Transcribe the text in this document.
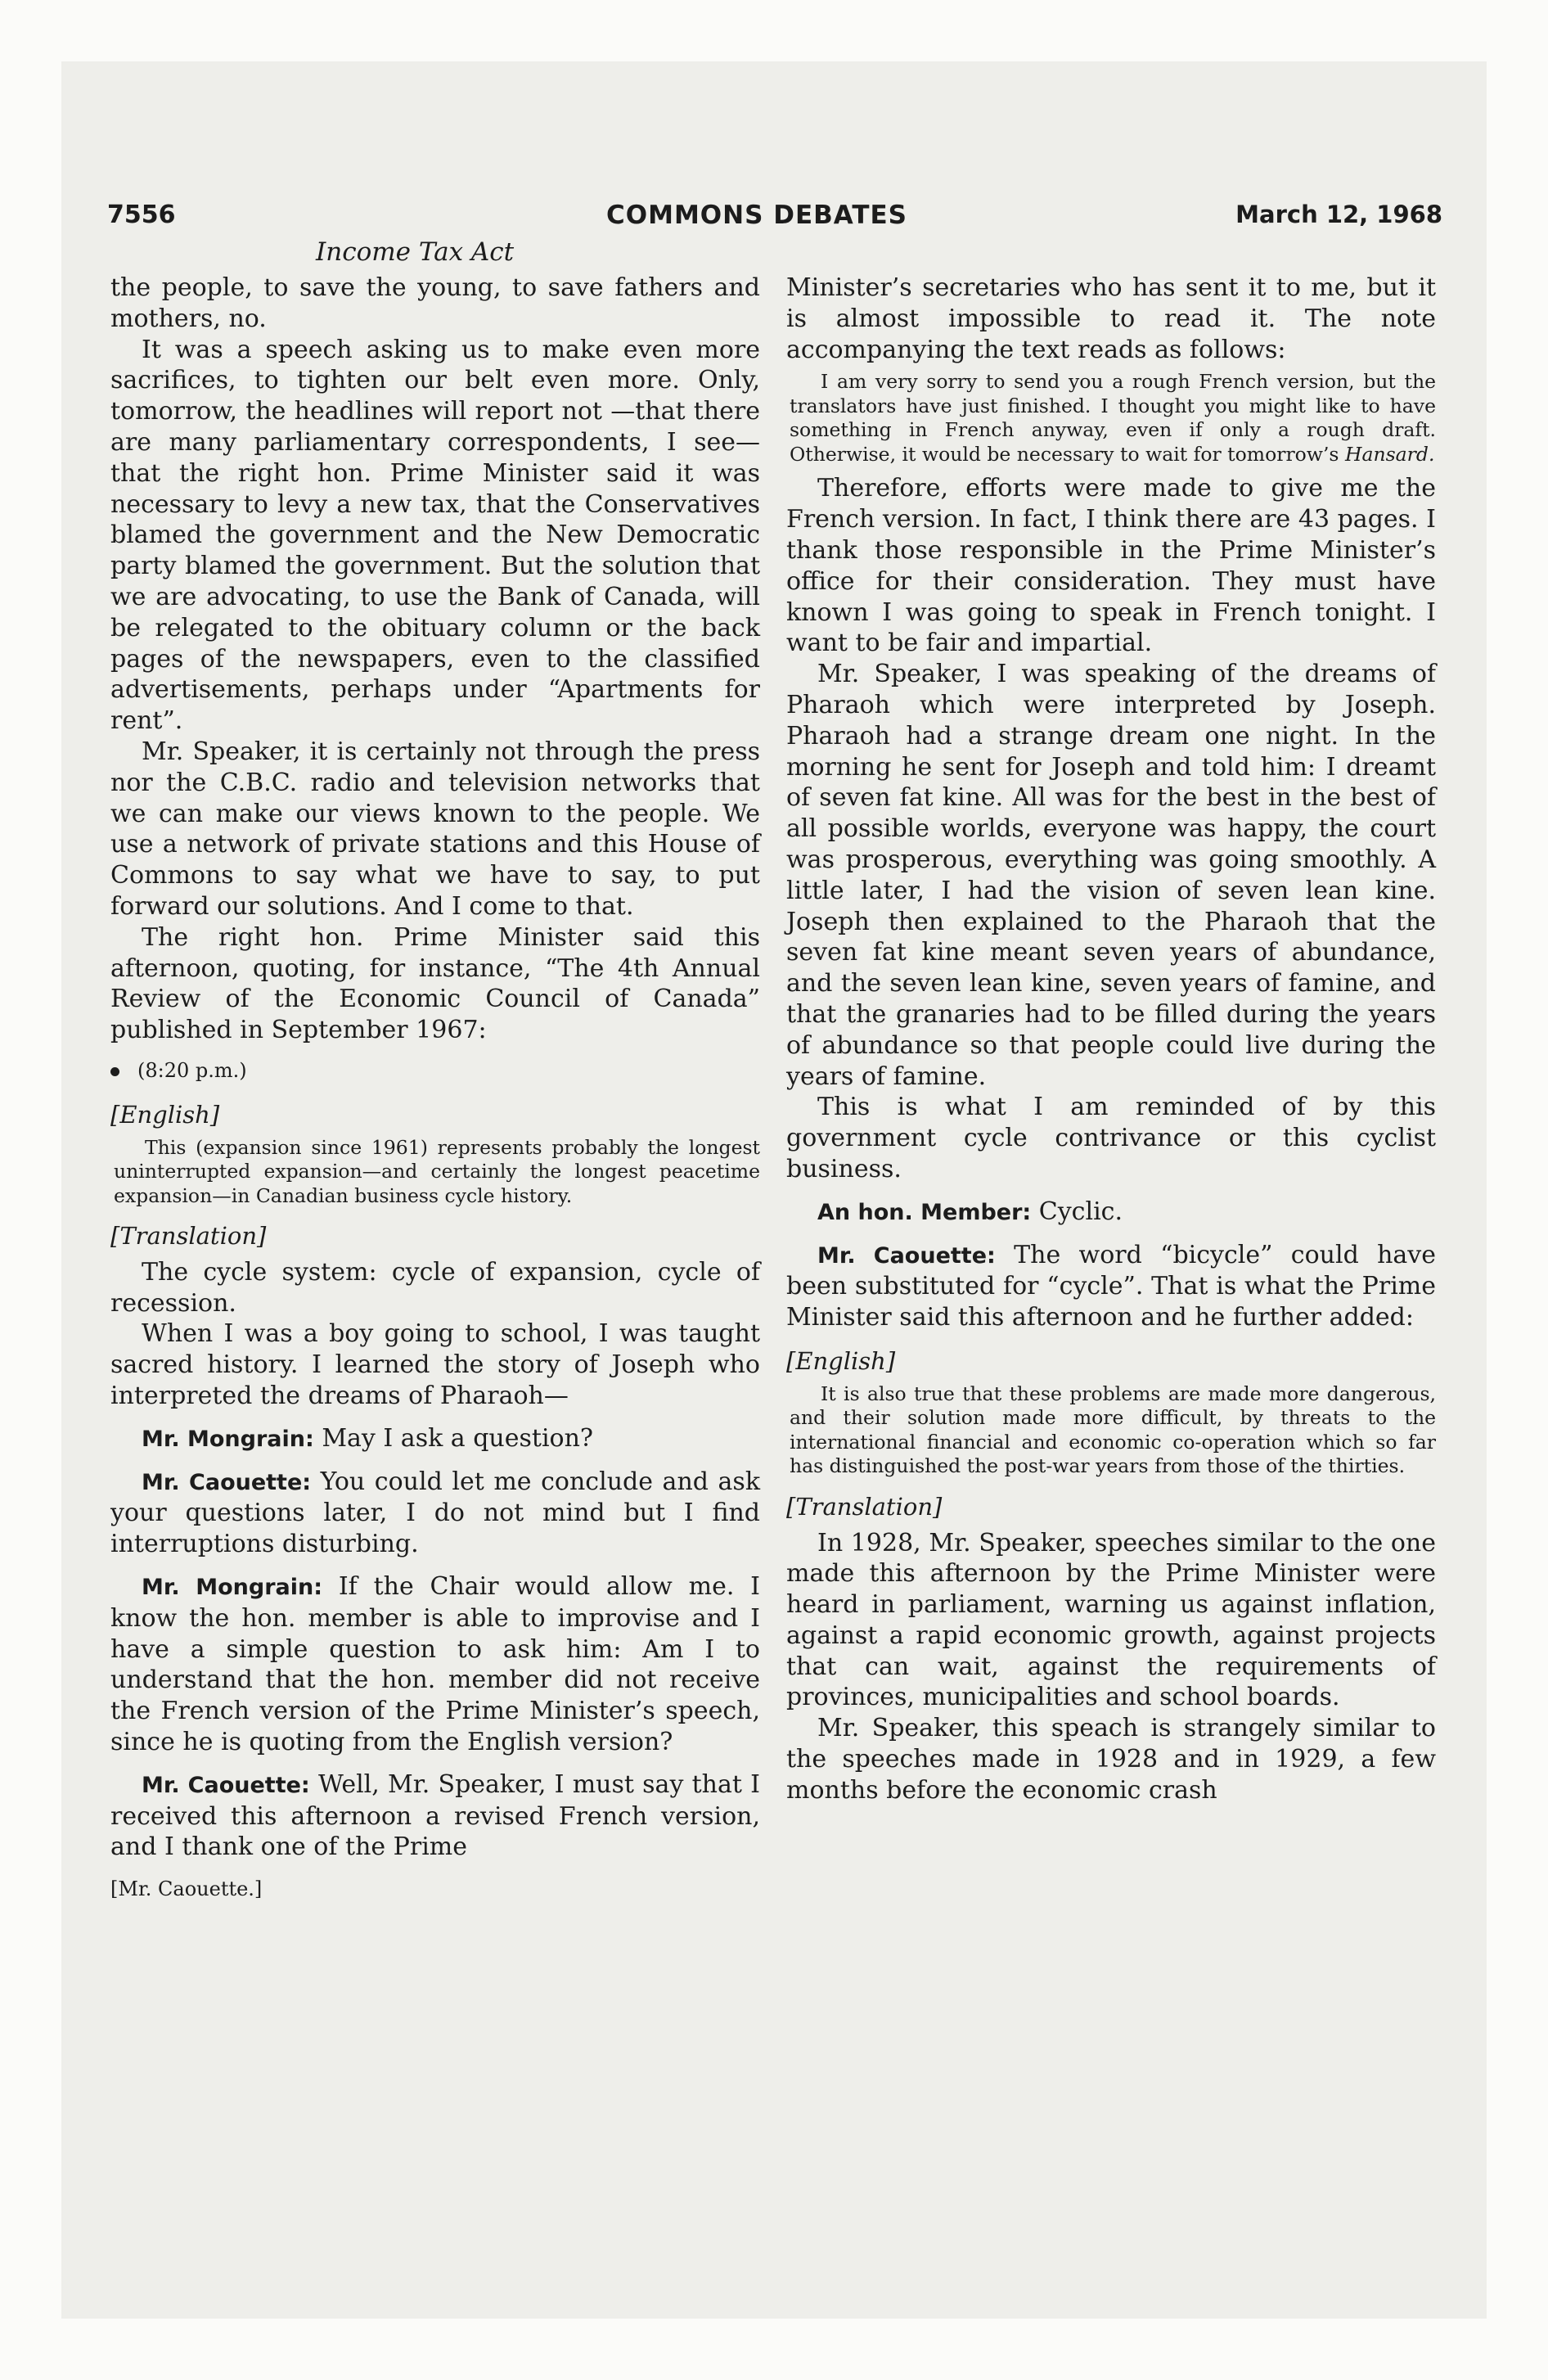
7556	COMMONS DEBATES	March 12, 1968
Income Tax Act

the people, to save the young, to save fathers and mothers, no.

It was a speech asking us to make even more sacrifices, to tighten our belt even more. Only, tomorrow, the headlines will report not —that there are many parliamentary correspondents, I see—that the right hon. Prime Minister said it was necessary to levy a new tax, that the Conservatives blamed the government and the New Democratic party blamed the government. But the solution that we are advocating, to use the Bank of Canada, will be relegated to the obituary column or the back pages of the newspapers, even to the classified advertisements, perhaps under “Apartments for rent”.

Mr. Speaker, it is certainly not through the press nor the C.B.C. radio and television networks that we can make our views known to the people. We use a network of private stations and this House of Commons to say what we have to say, to put forward our solutions. And I come to that.

The right hon. Prime Minister said this afternoon, quoting, for instance, “The 4th Annual Review of the Economic Council of Canada” published in September 1967:

(8:20 p.m.)
[English]

This (expansion since 1961) represents probably the longest uninterrupted expansion—and certainly the longest peacetime expansion—in Canadian business cycle history.

[Translation]

The cycle system: cycle of expansion, cycle of recession.

When I was a boy going to school, I was taught sacred history. I learned the story of Joseph who interpreted the dreams of Pharaoh—

Mr. Mongrain: May I ask a question?

Mr. Caouette: You could let me conclude and ask your questions later, I do not mind but I find interruptions disturbing.

Mr. Mongrain: If the Chair would allow me. I know the hon. member is able to improvise and I have a simple question to ask him: Am I to understand that the hon. member did not receive the French version of the Prime Minister’s speech, since he is quoting from the English version?

Mr. Caouette: Well, Mr. Speaker, I must say that I received this afternoon a revised French version, and I thank one of the Prime

[Mr. Caouette.]

Minister’s secretaries who has sent it to me, but it is almost impossible to read it. The note accompanying the text reads as follows:

I am very sorry to send you a rough French version, but the translators have just finished. I thought you might like to have something in French anyway, even if only a rough draft. Otherwise, it would be necessary to wait for tomorrow’s Hansard.

Therefore, efforts were made to give me the French version. In fact, I think there are 43 pages. I thank those responsible in the Prime Minister’s office for their consideration. They must have known I was going to speak in French tonight. I want to be fair and impartial.

Mr. Speaker, I was speaking of the dreams of Pharaoh which were interpreted by Joseph. Pharaoh had a strange dream one night. In the morning he sent for Joseph and told him: I dreamt of seven fat kine. All was for the best in the best of all possible worlds, everyone was happy, the court was prosperous, everything was going smoothly. A little later, I had the vision of seven lean kine. Joseph then explained to the Pharaoh that the seven fat kine meant seven years of abundance, and the seven lean kine, seven years of famine, and that the granaries had to be filled during the years of abundance so that people could live during the years of famine.

This is what I am reminded of by this government cycle contrivance or this cyclist business.

An hon. Member: Cyclic.

Mr. Caouette: The word “bicycle” could have been substituted for “cycle”. That is what the Prime Minister said this afternoon and he further added:

[English]

It is also true that these problems are made more dangerous, and their solution made more difficult, by threats to the international financial and economic co-operation which so far has distinguished the post-war years from those of the thirties.

[Translation]

In 1928, Mr. Speaker, speeches similar to the one made this afternoon by the Prime Minister were heard in parliament, warning us against inflation, against a rapid economic growth, against projects that can wait, against the requirements of provinces, municipalities and school boards.

Mr. Speaker, this speach is strangely similar to the speeches made in 1928 and in 1929, a few months before the economic crash
